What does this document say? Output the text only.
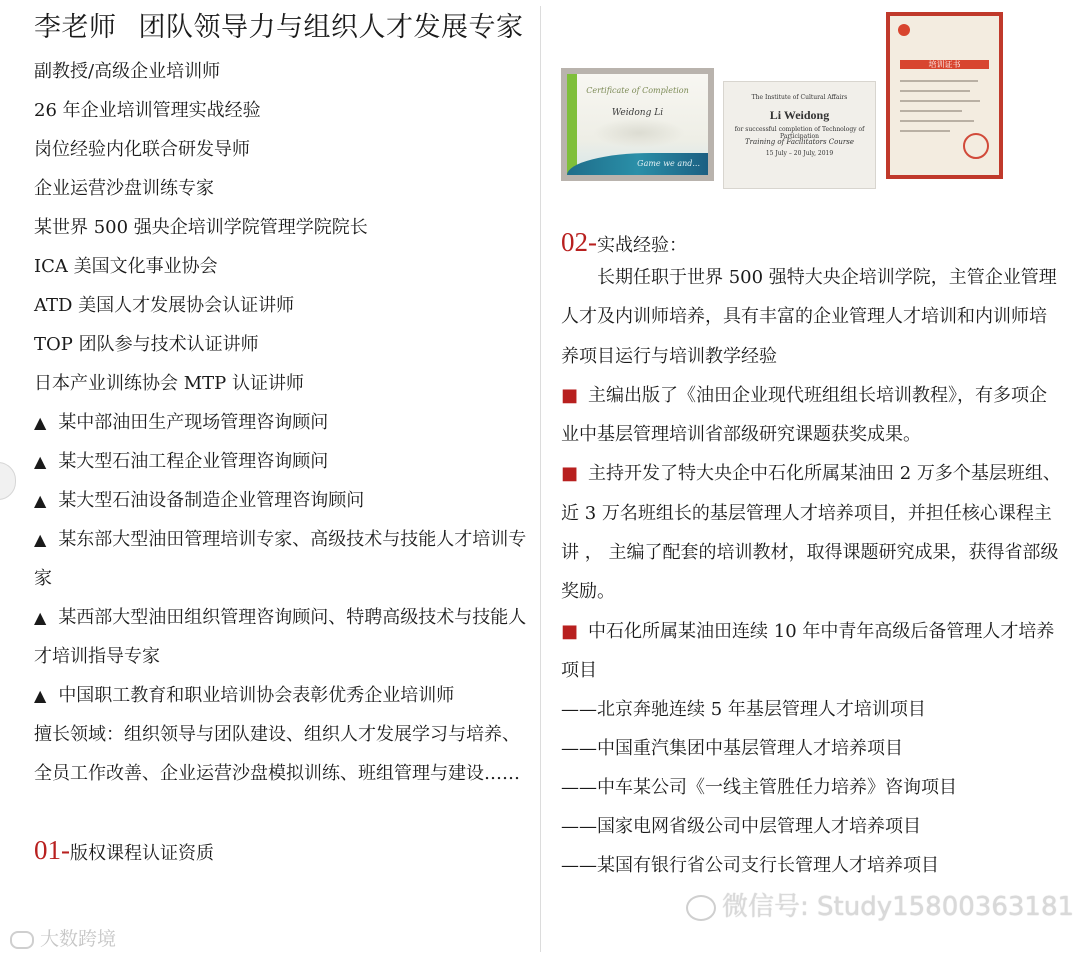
李老师 团队领导力与组织人才发展专家
副教授/高级企业培训师
26 年企业培训管理实战经验
岗位经验内化联合研发导师
企业运营沙盘训练专家
某世界 500 强央企培训学院管理学院院长
ICA 美国文化事业协会
ATD 美国人才发展协会认证讲师
TOP 团队参与技术认证讲师
日本产业训练协会 MTP 认证讲师
▲ 某中部油田生产现场管理咨询顾问
▲ 某大型石油工程企业管理咨询顾问
▲ 某大型石油设备制造企业管理咨询顾问
▲ 某东部大型油田管理培训专家、高级技术与技能人才培训专家
▲ 某西部大型油田组织管理咨询顾问、特聘高级技术与技能人才培训指导专家
▲ 中国职工教育和职业培训协会表彰优秀企业培训师
擅长领域：组织领导与团队建设、组织人才发展学习与培养、全员工作改善、企业运营沙盘模拟训练、班组管理与建设……
01-版权课程认证资质
Certificate of Completion
Weidong Li
Game we and...
The Institute of Cultural Affairs
Li Weidong
for successful completion of Technology of Participation
Training of Facilitators Course
15 July – 20 July, 2019
培训证书
02-实战经验：
长期任职于世界 500 强特大央企培训学院，主管企业管理人才及内训师培养，具有丰富的企业管理人才培训和内训师培养项目运行与培训教学经验
■ 主编出版了《油田企业现代班组组长培训教程》，有多项企业中基层管理培训省部级研究课题获奖成果。
■ 主持开发了特大央企中石化所属某油田 2 万多个基层班组、近 3 万名班组长的基层管理人才培养项目，并担任核心课程主讲 ， 主编了配套的培训教材，取得课题研究成果，获得省部级奖励。
■ 中石化所属某油田连续 10 年中青年高级后备管理人才培养项目
——北京奔驰连续 5 年基层管理人才培训项目
——中国重汽集团中基层管理人才培养项目
——中车某公司《一线主管胜任力培养》咨询项目
——国家电网省级公司中层管理人才培养项目
——某国有银行省公司支行长管理人才培养项目
微信号: Study15800363181
大数跨境
